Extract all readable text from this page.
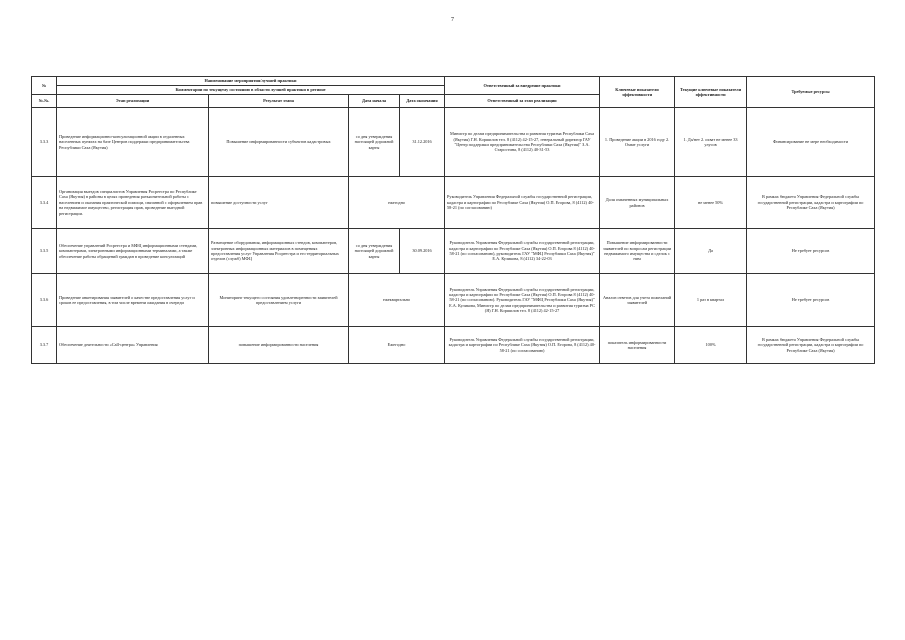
7
№	Наименование мероприятия/лучшей практики				Ответственный за внедрение практики	Ключевые показатели эффективности	Текущие ключевые показатели эффективности	Требуемые ресурсы
	Комментарии по текущему состоянию в области лучшей практики в регионе							
№.№.	Этап реализации	Результат этапа	Дата начала	Дата окончания	Ответственный за этап реализации			
3.3.3	Проведение информационно-консультационной акции в отдаленных населенных пунктах на базе Центров поддержки предпринимательства Республики Саха (Якутия)	Повышение информированности субъектов кадастровых	со дня утверждения настоящей дорожной карты	31.12.2016	Министр по делам предпринимательства и развития туризма Республики Саха (Якутия) Г.Н. Коршилов тел. 8 (4112) 42-15-27, генеральный директор ГАУ "Центр поддержки предпринимательства Республики Саха (Якутия)" З.А. Старостина, 8 (4112) 40-31-53	1. Проведение акции в 2016 году 2. Охват услуги	1. Да/нет 2. охват не менее 33 улусов	Финансирование не мере необходимости
3.3.4	Организация выездов специалистов Управления Росреестра по Республике Саха (Якутия) в районы в целях проведения разъяснительной работы с населением и оказания практической помощи, связанной с оформлением прав на недвижимое имущество, регистрация прав, проведение выездной регистрации.	повышение доступности услуг	ежегодно		Руководитель Управления Федеральной службы государственной регистрации, кадастра и картографии по Республике Саха (Якутия) О.П. Егорова, 8 (4112) 40-58-21 (по согласованию)	Доля охваченных муниципальных районов	не менее 50%	В рамках бюджета Управления Федеральной службы государственной регистрации, кадастра и картографии по Республике Саха (Якутия)
3.3.5	Обеспечение управлений Росреестра и МФЦ информационными стендами, компьютерами, электронными информационными терминалами, а также обеспечение работы обращений граждан в проведение консультаций	Размещение оборудования, информационных стендов, компьютеров, электронных информационных материалов в помещениях предоставления услуг Управления Росреестра и его территориальных отделов (служб) МФЦ	со дня утверждения настоящей дорожной карты	30.09.2016	Руководитель Управления Федеральной службы государственной регистрации, кадастра и картографии по Республике Саха (Якутия) О.П. Егорова 8 (4112) 40-58-21 (по согласованию), руководитель ГАУ "МФЦ Республики Саха (Якутия)" Е.А. Куликова, 8 (4112) 34-22-03	Повышение информированности заявителей по вопросам регистрации недвижимого имущества и сделок с ним	Да	Не требует ресурсов
3.3.6	Проведение анкетирования заявителей о качестве предоставления услуг и сроков ее предоставления, в том числе времени ожидания в очереди	Мониторинг текущего состояния удовлетворенности заявителей предоставлением услуги	ежеквартально		Руководитель Управления Федеральной службы государственной регистрации, кадастра и картографии по Республике Саха (Якутия) О.П. Егорова 8 (4112) 40-58-21 (по согласованию). Руководитель ГАУ "МФЦ Республики Саха (Якутия)" Е.А. Куликова, Министр по делам предпринимательства и развития туризма РС (Я) Г.Н. Коршилов тел. 8 (4112) 42-15-27	Анализ ответов для учета пожеланий заявителей	1 раз в квартал	Не требует ресурсов
3.3.7	Обеспечение деятельности «Call-центра» Управления	повышение информированности населения	Ежегодно		Руководитель Управления Федеральной службы государственной регистрации, кадастра и картографии по Республике Саха (Якутия) О.П. Егорова, 8 (4112) 40-58-21 (по согласованию)	показатель информированности населения	100%	В рамках бюджета Управления Федеральной службы государственной регистрации, кадастра и картографии по Республике Саха (Якутия)
